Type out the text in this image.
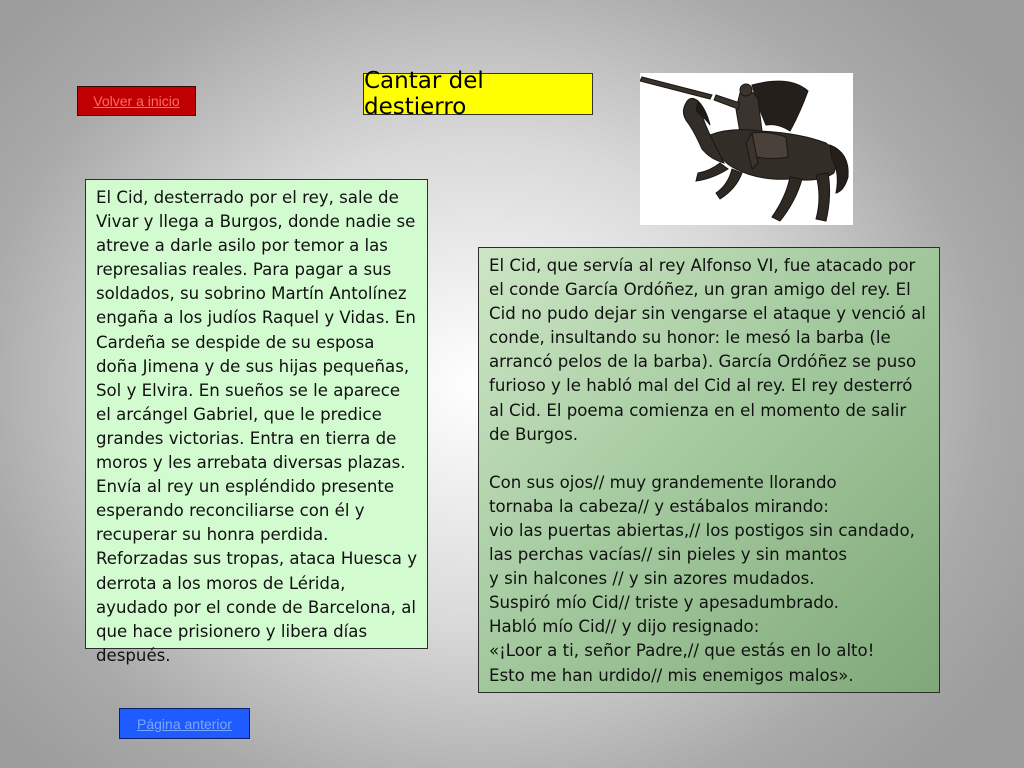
Volver a inicio
Cantar del destierro
El Cid, desterrado por el rey, sale de Vivar y llega a Burgos, donde nadie se atreve a darle asilo por temor a las represalias reales. Para pagar a sus soldados, su sobrino Martín Antolínez engaña a los judíos Raquel y Vidas. En Cardeña se despide de su esposa doña Jimena y de sus hijas pequeñas, Sol y Elvira. En sueños se le aparece el arcángel Gabriel, que le predice grandes victorias. Entra en tierra de moros y les arrebata diversas plazas. Envía al rey un espléndido presente esperando reconciliarse con él y recuperar su honra perdida. Reforzadas sus tropas, ataca Huesca y derrota a los moros de Lérida, ayudado por el conde de Barcelona, al que hace prisionero y libera días después.

El Cid, que servía al rey Alfonso VI, fue atacado por el conde García Ordóñez, un gran amigo del rey. El Cid no pudo dejar sin vengarse el ataque y venció al conde, insultando su honor: le mesó la barba (le arrancó pelos de la barba). García Ordóñez se puso furioso y le habló mal del Cid al rey. El rey desterró al Cid. El poema comienza en el momento de salir de Burgos.

Con sus ojos// muy grandemente llorando

tornaba la cabeza// y estábalos mirando:

vio las puertas abiertas,// los postigos sin candado,

las perchas vacías// sin pieles y sin mantos

y sin halcones // y sin azores mudados.

Suspiró mío Cid// triste y apesadumbrado.

Habló mío Cid// y dijo resignado:

«¡Loor a ti, señor Padre,// que estás en lo alto!

Esto me han urdido// mis enemigos malos».

Página anterior
